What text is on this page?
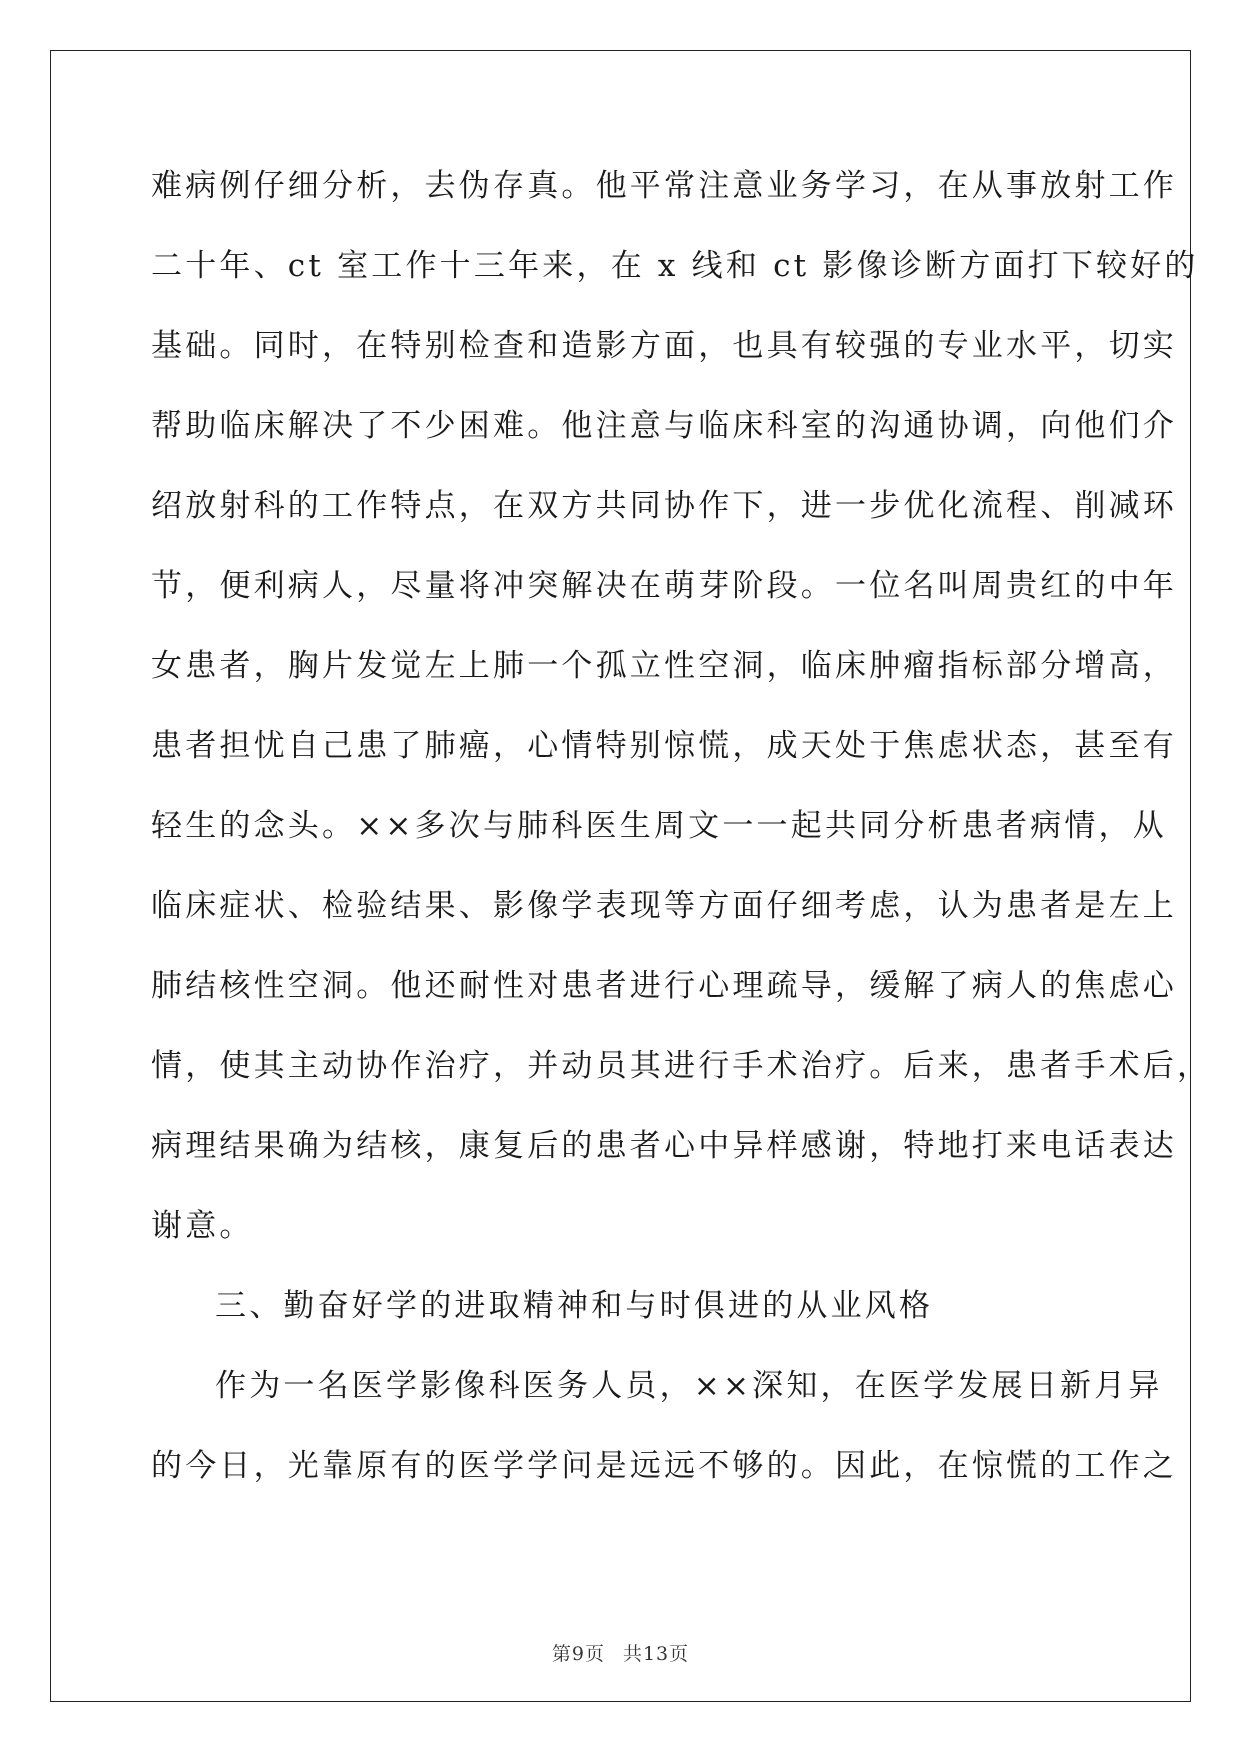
难病例仔细分析，去伪存真。他平常注意业务学习，在从事放射工作
二十年、ct 室工作十三年来，在 x 线和 ct 影像诊断方面打下较好的
基础。同时，在特别检查和造影方面，也具有较强的专业水平，切实
帮助临床解决了不少困难。他注意与临床科室的沟通协调，向他们介
绍放射科的工作特点，在双方共同协作下，进一步优化流程、削减环
节，便利病人，尽量将冲突解决在萌芽阶段。一位名叫周贵红的中年
女患者，胸片发觉左上肺一个孤立性空洞，临床肿瘤指标部分增高，
患者担忧自己患了肺癌，心情特别惊慌，成天处于焦虑状态，甚至有
轻生的念头。××多次与肺科医生周文一一起共同分析患者病情，从
临床症状、检验结果、影像学表现等方面仔细考虑，认为患者是左上
肺结核性空洞。他还耐性对患者进行心理疏导，缓解了病人的焦虑心
情，使其主动协作治疗，并动员其进行手术治疗。后来，患者手术后，
病理结果确为结核，康复后的患者心中异样感谢，特地打来电话表达
谢意。
三、勤奋好学的进取精神和与时俱进的从业风格
作为一名医学影像科医务人员，××深知，在医学发展日新月异
的今日，光靠原有的医学学问是远远不够的。因此，在惊慌的工作之
第9页 共13页
